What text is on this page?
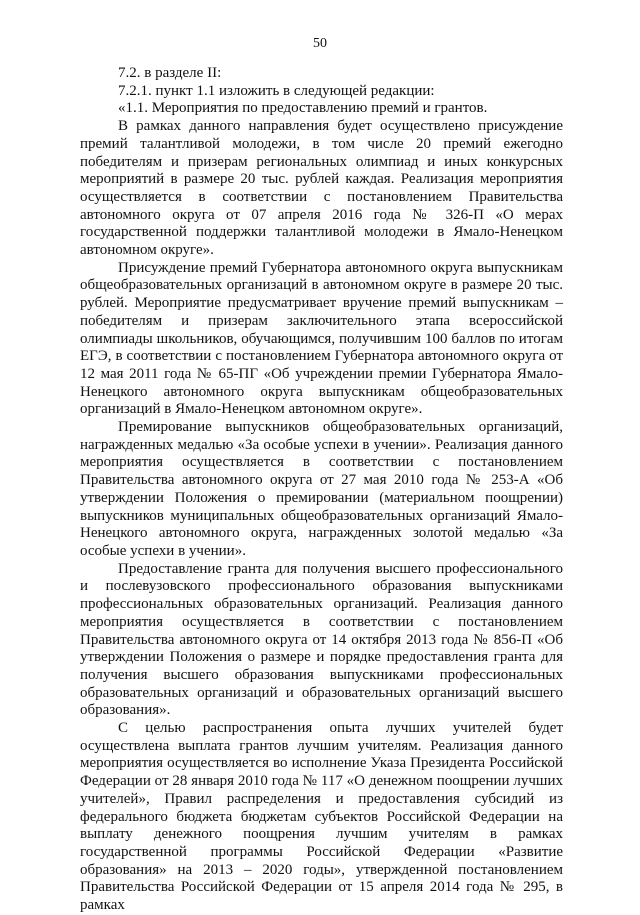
50

7.2. в разделе II:

7.2.1. пункт 1.1 изложить в следующей редакции:

«1.1. Мероприятия по предоставлению премий и грантов.

В рамках данного направления будет осуществлено присуждение премий талантливой молодежи, в том числе 20 премий ежегодно победителям и призерам региональных олимпиад и иных конкурсных мероприятий в размере 20 тыс. рублей каждая. Реализация мероприятия осуществляется в соответствии с постановлением Правительства автономного округа от 07 апреля 2016 года № 326-П «О мерах государственной поддержки талантливой молодежи в Ямало-Ненецком автономном округе».

Присуждение премий Губернатора автономного округа выпускникам общеобразовательных организаций в автономном округе в размере 20 тыс. рублей. Мероприятие предусматривает вручение премий выпускникам – победителям и призерам заключительного этапа всероссийской олимпиады школьников, обучающимся, получившим 100 баллов по итогам ЕГЭ, в соответствии с постановлением Губернатора автономного округа от 12 мая 2011 года № 65-ПГ «Об учреждении премии Губернатора Ямало-Ненецкого автономного округа выпускникам общеобразовательных организаций в Ямало-Ненецком автономном округе».

Премирование выпускников общеобразовательных организаций, награжденных медалью «За особые успехи в учении». Реализация данного мероприятия осуществляется в соответствии с постановлением Правительства автономного округа от 27 мая 2010 года № 253-А «Об утверждении Положения о премировании (материальном поощрении) выпускников муниципальных общеобразовательных организаций Ямало-Ненецкого автономного округа, награжденных золотой медалью «За особые успехи в учении».

Предоставление гранта для получения высшего профессионального и послевузовского профессионального образования выпускниками профессиональных образовательных организаций. Реализация данного мероприятия осуществляется в соответствии с постановлением Правительства автономного округа от 14 октября 2013 года № 856-П «Об утверждении Положения о размере и порядке предоставления гранта для получения высшего образования выпускниками профессиональных образовательных организаций и образовательных организаций высшего образования».

С целью распространения опыта лучших учителей будет осуществлена выплата грантов лучшим учителям. Реализация данного мероприятия осуществляется во исполнение Указа Президента Российской Федерации от 28 января 2010 года № 117 «О денежном поощрении лучших учителей», Правил распределения и предоставления субсидий из федерального бюджета бюджетам субъектов Российской Федерации на выплату денежного поощрения лучшим учителям в рамках государственной программы Российской Федерации «Развитие образования» на 2013 – 2020 годы», утвержденной постановлением Правительства Российской Федерации от 15 апреля 2014 года № 295, в рамках
